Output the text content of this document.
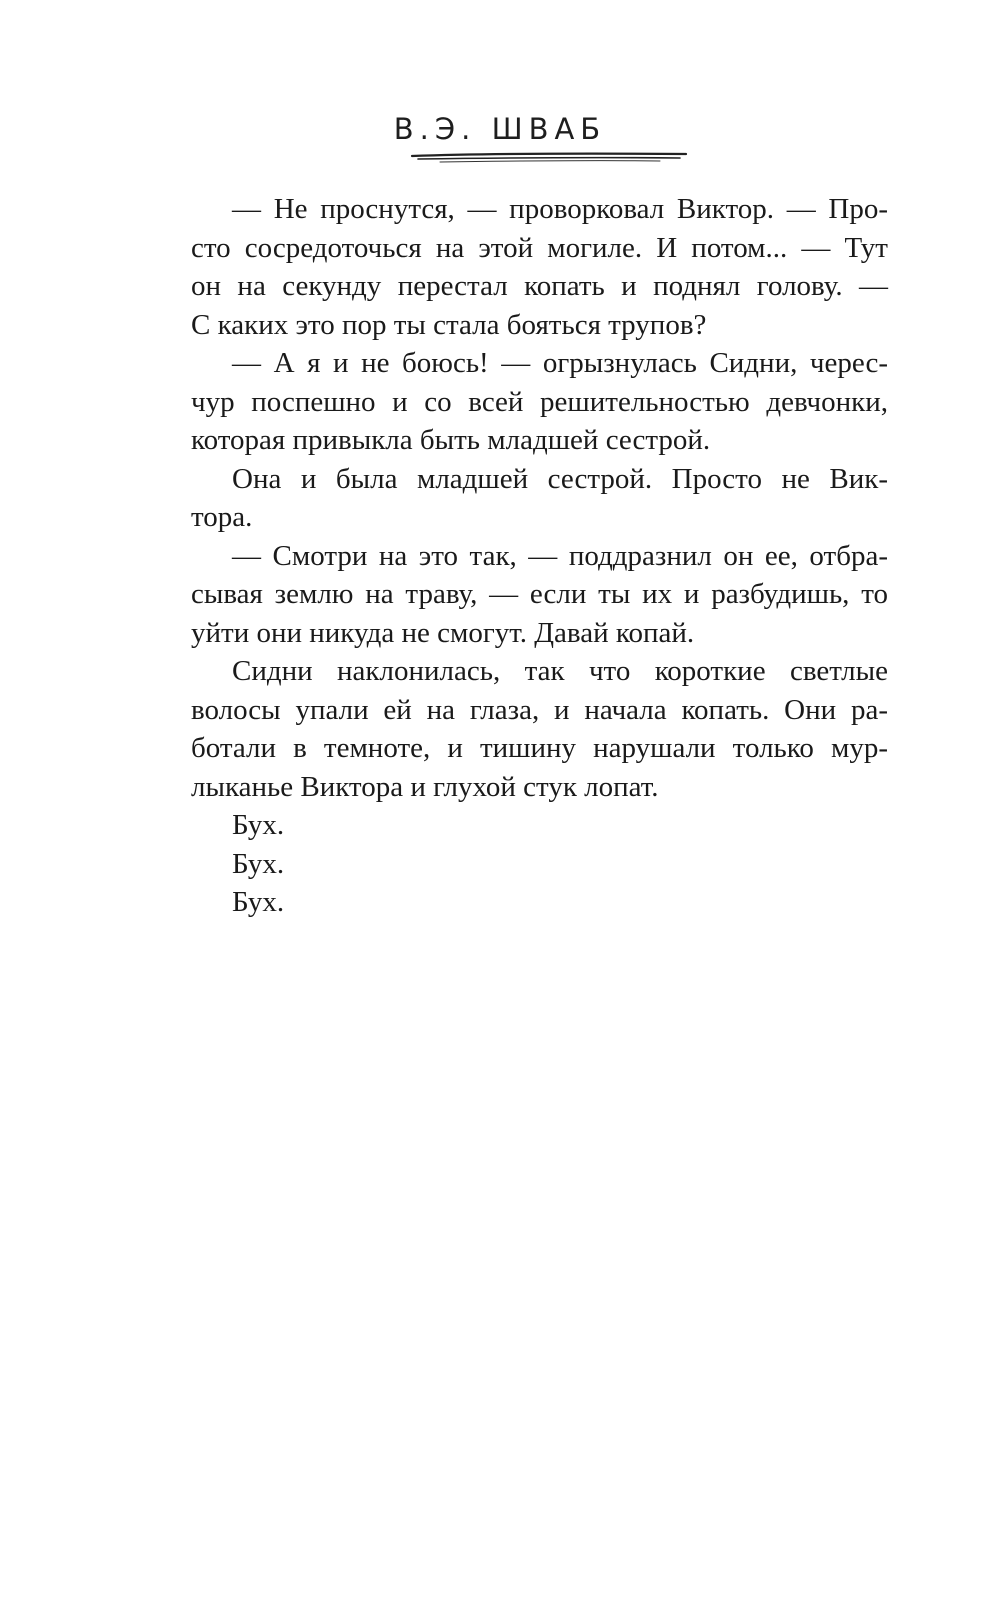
В.Э. ШВАБ
— Не проснутся, — проворковал Виктор. — Про-
сто сосредоточься на этой могиле. И потом... — Тут
он на секунду перестал копать и поднял голову. —
С каких это пор ты стала бояться трупов?
— А я и не боюсь! — огрызнулась Сидни, черес-
чур поспешно и со всей решительностью девчонки,
которая привыкла быть младшей сестрой.
Она и была младшей сестрой. Просто не Вик-
тора.
— Смотри на это так, — поддразнил он ее, отбра-
сывая землю на траву, — если ты их и разбудишь, то
уйти они никуда не смогут. Давай копай.
Сидни наклонилась, так что короткие светлые
волосы упали ей на глаза, и начала копать. Они ра-
ботали в темноте, и тишину нарушали только мур-
лыканье Виктора и глухой стук лопат.
Бух.
Бух.
Бух.
